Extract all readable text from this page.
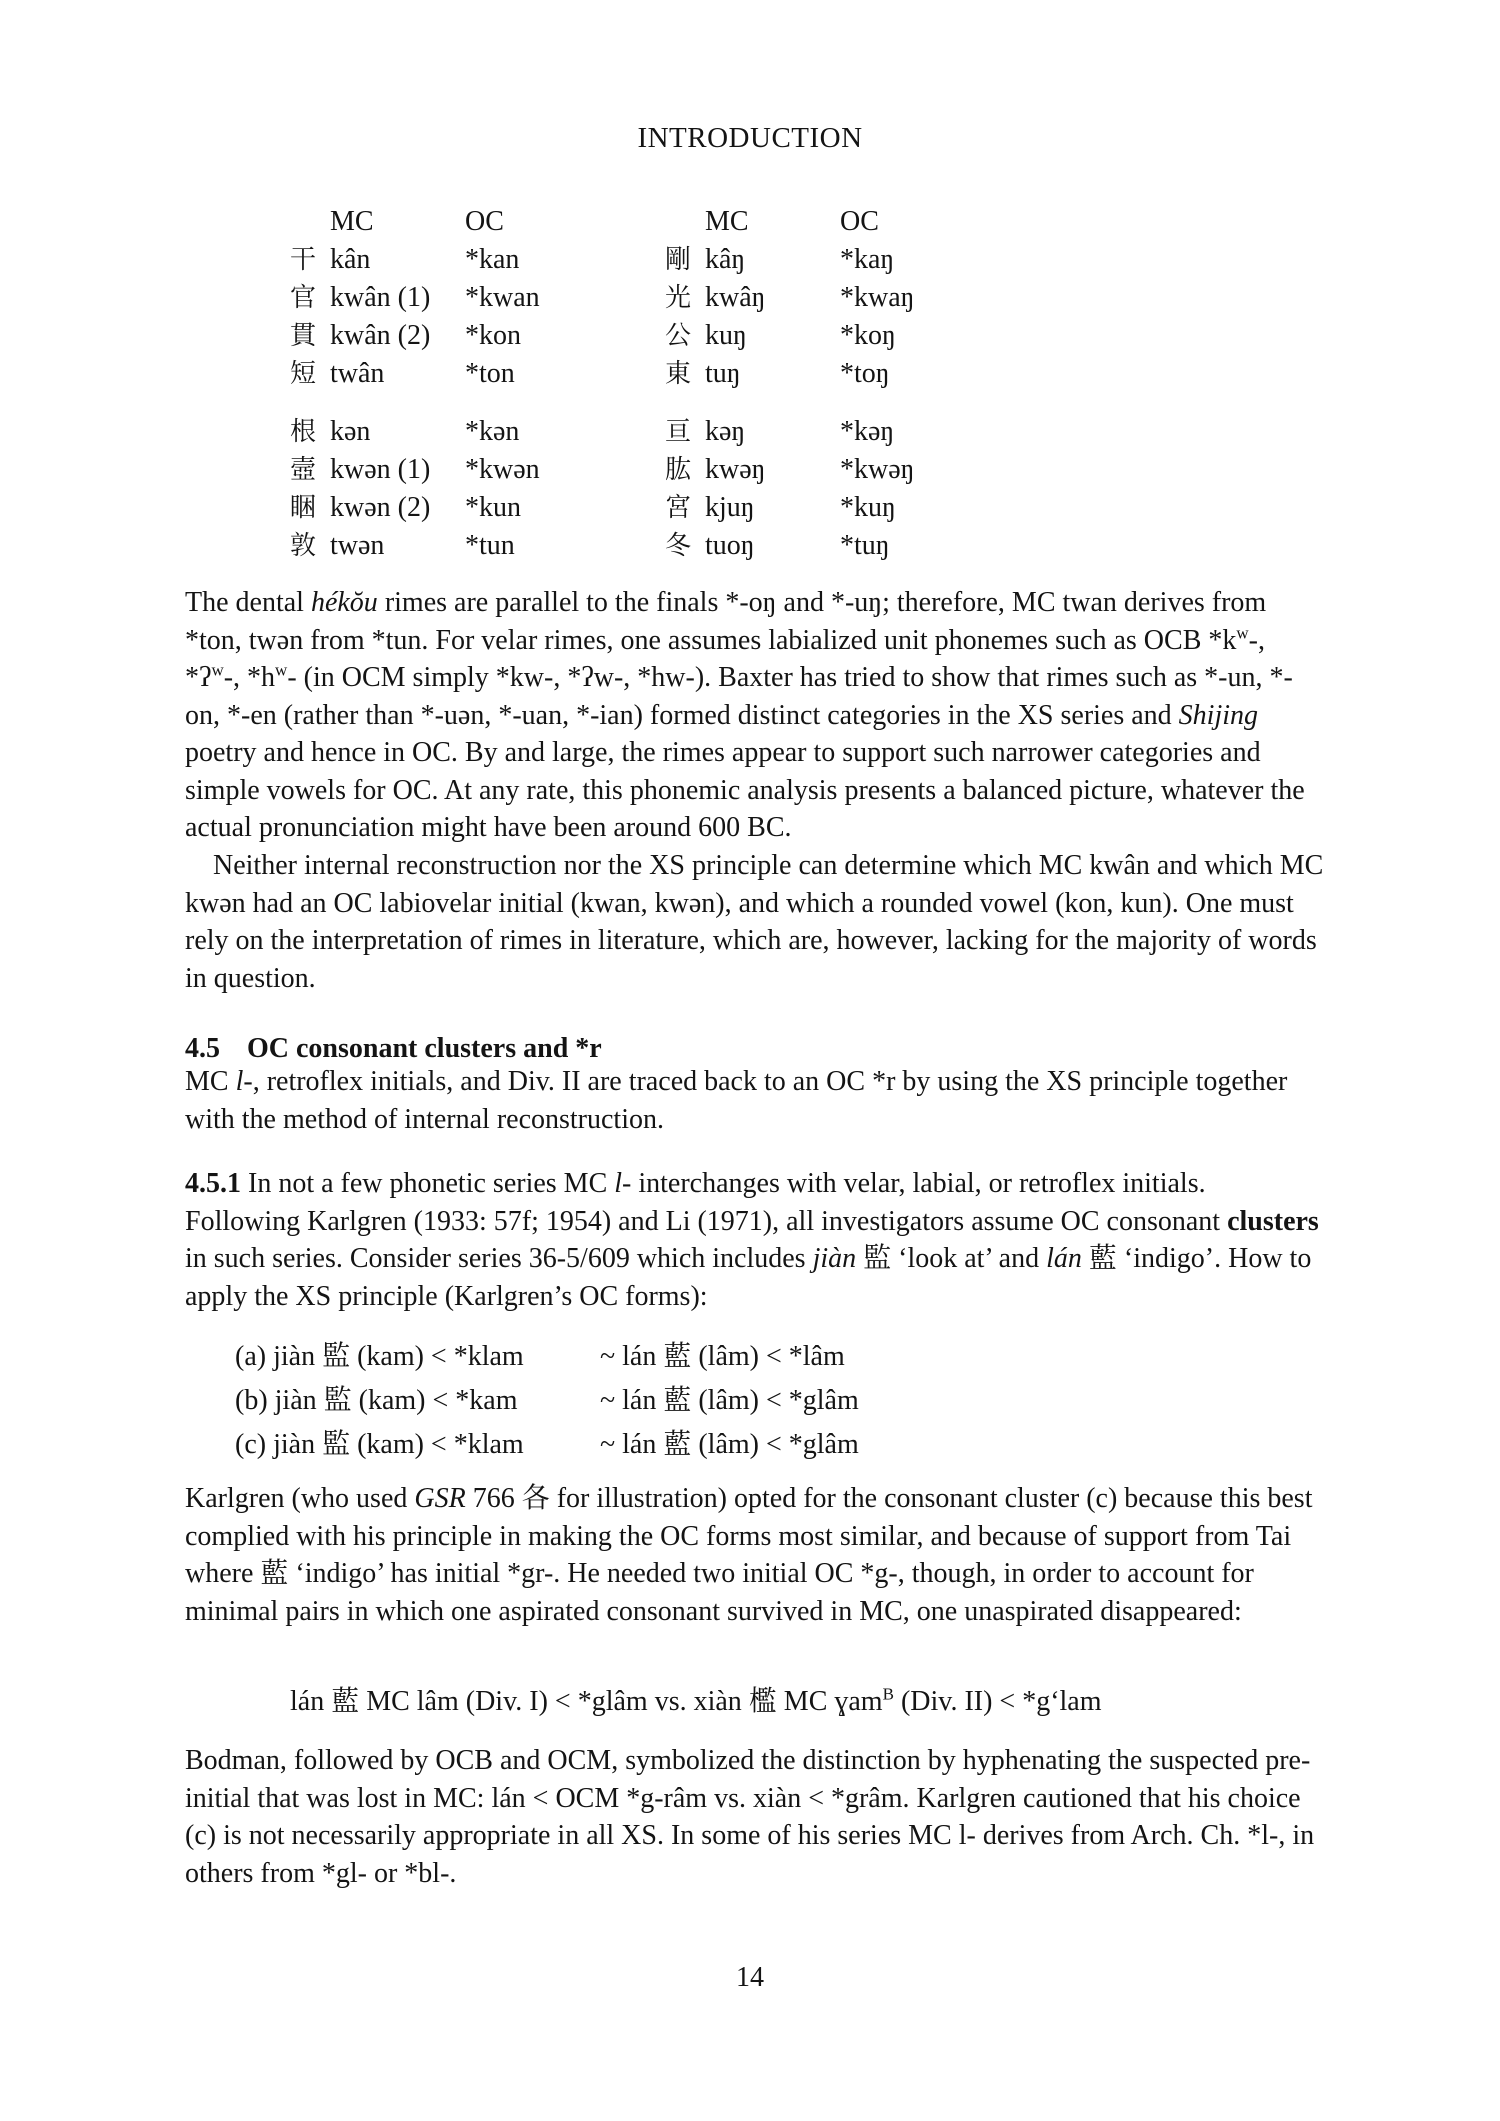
INTRODUCTION
MC	OC	MC	OC
干 kân	*kan	剛 kâŋ	*kaŋ
官 kwân (1)	*kwan	光 kwâŋ	*kwaŋ
貫 kwân (2)	*kon	公 kuŋ	*koŋ
短 twân	*ton	東 tuŋ	*toŋ
根 kən	*kən	亘 kəŋ	*kəŋ
壼 kwən (1)	*kwən	肱 kwəŋ	*kwəŋ
睏 kwən (2)	*kun	宮 kjuŋ	*kuŋ
敦 twən	*tun	冬 tuoŋ	*tuŋ

The dental hékŏu rimes are parallel to the finals *-oŋ and *-uŋ; therefore, MC twan derives from *ton, twən from *tun. For velar rimes, one assumes labialized unit phonemes such as OCB $*k^w-$, *ʔ$^w$-, $*h^w-$ (in OCM simply *kw-, *ʔw-, *hw-). Baxter has tried to show that rimes such as *-un, *-on, *-en (rather than *-uən, *-uan, *-ian) formed distinct categories in the XS series and Shijing poetry and hence in OC. By and large, the rimes appear to support such narrower categories and simple vowels for OC. At any rate, this phonemic analysis presents a balanced picture, whatever the actual pronunciation might have been around 600 BC.

Neither internal reconstruction nor the XS principle can determine which MC kwân and which MC kwən had an OC labiovelar initial (kwan, kwən), and which a rounded vowel (kon, kun). One must rely on the interpretation of rimes in literature, which are, however, lacking for the majority of words in question.

4.5 OC consonant clusters and *r

MC l-, retroflex initials, and Div. II are traced back to an OC *r by using the XS principle together with the method of internal reconstruction.

4.5.1 In not a few phonetic series MC l- interchanges with velar, labial, or retroflex initials. Following Karlgren (1933: 57f; 1954) and Li (1971), all investigators assume OC consonant clusters in such series. Consider series 36-5/609 which includes jiàn 監 ‘look at’ and lán 藍 ‘indigo’. How to apply the XS principle (Karlgren’s OC forms):

(a) jiàn 監 (kam) < *klam	~ lán 藍 (lâm) < *lâm
(b) jiàn 監 (kam) < *kam	~ lán 藍 (lâm) < *glâm
(c) jiàn 監 (kam) < *klam	~ lán 藍 (lâm) < *glâm

Karlgren (who used GSR 766 各 for illustration) opted for the consonant cluster (c) because this best complied with his principle in making the OC forms most similar, and because of support from Tai where 藍 ‘indigo’ has initial *gr-. He needed two initial OC *g-, though, in order to account for minimal pairs in which one aspirated consonant survived in MC, one unaspirated disappeared:

lán 藍 MC lâm (Div. I) < *glâm vs. xiàn 檻 MC ɣam$^B$ (Div. II) < *g‘lam

Bodman, followed by OCB and OCM, symbolized the distinction by hyphenating the suspected pre-initial that was lost in MC: lán < OCM *g-râm vs. xiàn < *grâm. Karlgren cautioned that his choice (c) is not necessarily appropriate in all XS. In some of his series MC l- derives from Arch. Ch. *l-, in others from *gl- or *bl-.

14
